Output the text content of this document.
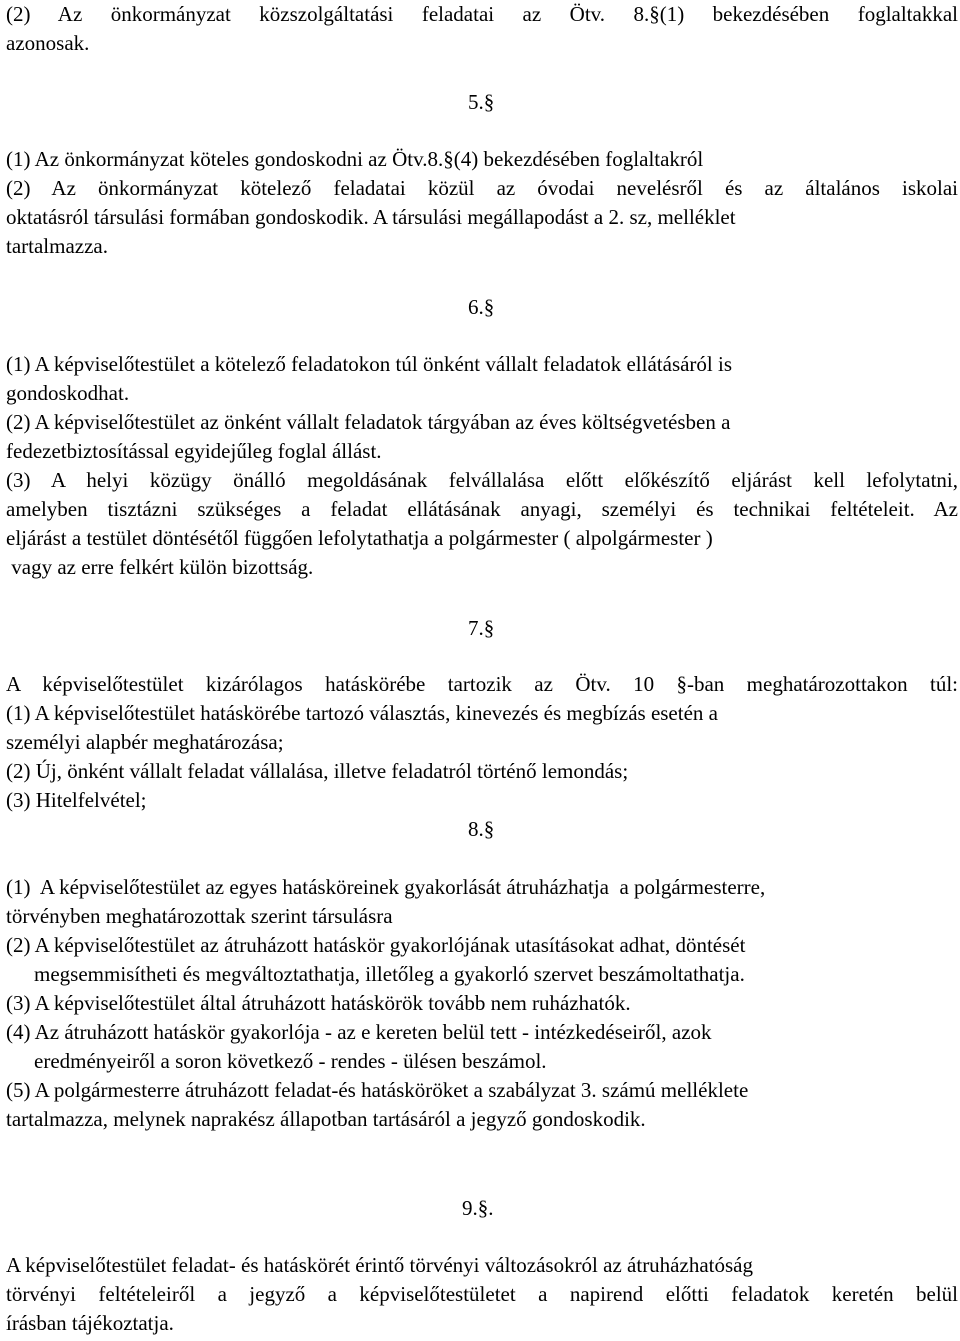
(2) Az önkormányzat közszolgáltatási feladatai az Ötv. 8.§(1) bekezdésében foglaltakkal
azonosak.
5.§
(1) Az önkormányzat köteles gondoskodni az Ötv.8.§(4) bekezdésében foglaltakról
(2) Az önkormányzat kötelező feladatai közül az óvodai nevelésről és az általános iskolai
oktatásról társulási formában gondoskodik. A társulási megállapodást a 2. sz, melléklet
tartalmazza.
6.§
(1) A képviselőtestület a kötelező feladatokon túl önként vállalt feladatok ellátásáról is
gondoskodhat.
(2) A képviselőtestület az önként vállalt feladatok tárgyában az éves költségvetésben a
fedezetbiztosítással egyidejűleg foglal állást.
(3) A helyi közügy önálló megoldásának felvállalása előtt előkészítő eljárást kell lefolytatni,
amelyben tisztázni szükséges a feladat ellátásának anyagi, személyi és technikai feltételeit. Az
eljárást a testület döntésétől függően lefolytathatja a polgármester ( alpolgármester )
vagy az erre felkért külön bizottság.
7.§
A képviselőtestület kizárólagos hatáskörébe tartozik az Ötv. 10 §-ban meghatározottakon túl:
(1) A képviselőtestület hatáskörébe tartozó választás, kinevezés és megbízás esetén a
személyi alapbér meghatározása;
(2) Új, önként vállalt feladat vállalása, illetve feladatról történő lemondás;
(3) Hitelfelvétel;
8.§
(1)  A képviselőtestület az egyes hatásköreinek gyakorlását átruházhatja  a polgármesterre,
törvényben meghatározottak szerint társulásra
(2) A képviselőtestület az átruházott hatáskör gyakorlójának utasításokat adhat, döntését
megsemmisítheti és megváltoztathatja, illetőleg a gyakorló szervet beszámoltathatja.
(3) A képviselőtestület által átruházott hatáskörök tovább nem ruházhatók.
(4) Az átruházott hatáskör gyakorlója - az e kereten belül tett - intézkedéseiről, azok
eredményeiről a soron következő - rendes - ülésen beszámol.
(5) A polgármesterre átruházott feladat-és hatásköröket a szabályzat 3. számú melléklete
tartalmazza, melynek naprakész állapotban tartásáról a jegyző gondoskodik.
9.§.
A képviselőtestület feladat- és hatáskörét érintő törvényi változásokról az átruházhatóság
törvényi feltételeiről a jegyző a képviselőtestületet a napirend előtti feladatok keretén belül
írásban tájékoztatja.
